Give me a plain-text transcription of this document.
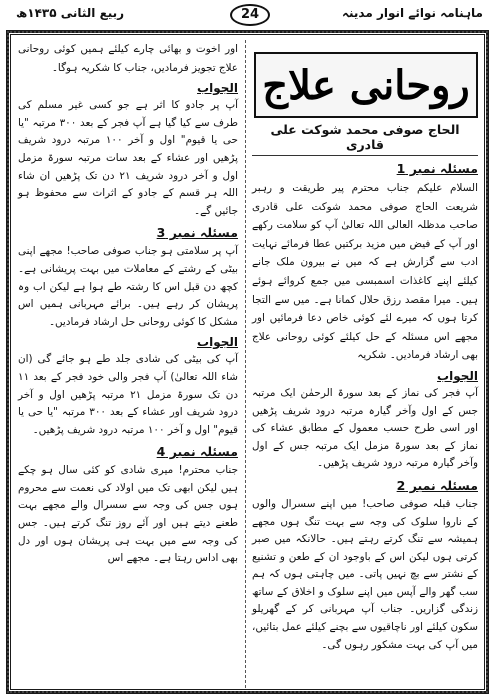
ربیع الثانی ۱۴۳۵ھ	24	ماہنامہ نوائے انوار مدینہ
روحانی علاج
الحاج صوفی محمد شوکت علی قادری
مسئلہ نمبر 1

السلام علیکم جناب محترم پیر طریقت و رہبر شریعت الحاج صوفی محمد شوکت علی قادری صاحب مدظلہ العالی اللہ تعالیٰ آپ کو سلامت رکھے اور آپ کے فیض میں مزید برکتیں عطا فرمائے نہایت ادب سے گزارش ہے کہ میں نے بیرون ملک جانے کیلئے اپنے کاغذات اسمبسی میں جمع کروائے ہوئے ہیں۔ میرا مقصد رزق حلال کمانا ہے۔ میں سے التجا کرتا ہوں کہ میرے لئے کوئی خاص دعا فرمائیں اور مجھے اس مسئلہ کے حل کیلئے کوئی روحانی علاج بھی ارشاد فرمادیں۔ شکریہ

الجواب

آپ فجر کی نماز کے بعد سورۃ الرحمٰن ایک مرتبہ جس کے اول وآخر گیارہ مرتبہ درود شریف پڑھیں اور اسی طرح حسب معمول کے مطابق عشاء کی نماز کے بعد سورۃ مزمل ایک مرتبہ جس کے اول وآخر گیارہ مرتبہ درود شریف پڑھیں۔

مسئلہ نمبر 2

جناب قبلہ صوفی صاحب! میں اپنے سسرال والوں کے ناروا سلوک کی وجہ سے بہت تنگ ہوں مجھے ہمیشہ سے تنگ کرتے رہتے ہیں۔ حالانکہ میں صبر کرتی ہوں لیکن اس کے باوجود ان کے طعن و تشنیع کے نشتر سے بچ نہیں پاتی۔ میں چاہتی ہوں کہ ہم سب گھر والے آپس میں اپنے سلوک و اخلاق کے ساتھ زندگی گزاریں۔ جناب آپ مہربانی کر کے گھریلو سکون کیلئے اور ناچاقیوں سے بچنے کیلئے عمل بتائیں، میں آپ کی بہت مشکور رہوں گی۔

اور اخوت و بھائی چارے کیلئے ہمیں کوئی روحانی علاج تجویز فرمادیں، جناب کا شکریہ ہوگا۔

الجواب

آپ پر جادو کا اثر ہے جو کسی غیر مسلم کی طرف سے کیا گیا ہے آپ فجر کے بعد ۳۰۰ مرتبہ "یا حی یا قیوم" اول و آخر ۱۰۰ مرتبہ درود شریف پڑھیں اور عشاء کے بعد سات مرتبہ سورۃ مزمل اول و آخر درود شریف ۲۱ دن تک پڑھیں ان شاء اللہ ہر قسم کے جادو کے اثرات سے محفوظ ہو جائیں گے۔

مسئلہ نمبر 3

آپ پر سلامتی ہو جناب صوفی صاحب! مجھے اپنی بیٹی کے رشتے کے معاملات میں بہت پریشانی ہے۔ کچھ دن قبل اس کا رشتہ طے ہوا ہے لیکن اب وہ پریشان کر رہے ہیں۔ برائے مہربانی ہمیں اس مشکل کا کوئی روحانی حل ارشاد فرمادیں۔

الجواب

آپ کی بیٹی کی شادی جلد طے ہو جائے گی (ان شاء اللہ تعالیٰ) آپ فجر والی خود فجر کے بعد ۱۱ دن تک سورۃ مزمل ۲۱ مرتبہ پڑھیں اول و آخر درود شریف اور عشاء کے بعد ۳۰۰ مرتبہ "یا حی یا قیوم" اول و آخر ۱۰۰ مرتبہ درود شریف پڑھیں۔

مسئلہ نمبر 4

جناب محترم! میری شادی کو کئی سال ہو چکے ہیں لیکن ابھی تک میں اولاد کی نعمت سے محروم ہوں جس کی وجہ سے سسرال والے مجھے بہت طعنے دیتے ہیں اور آئے روز تنگ کرتے ہیں۔ جس کی وجہ سے میں بہت ہی پریشان ہوں اور دل بھی اداس رہتا ہے۔ مجھے اس
